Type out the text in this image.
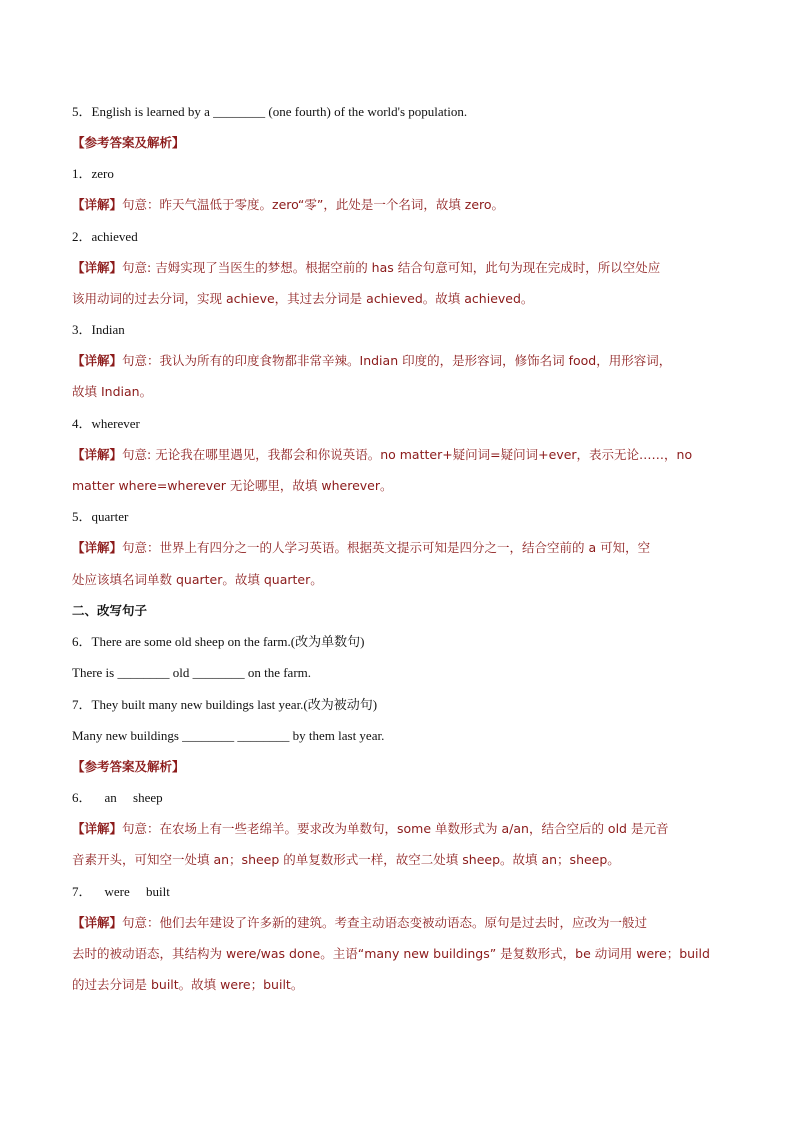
5．English is learned by a ________ (one fourth) of the world's population.
【参考答案及解析】
1．zero
【详解】句意：昨天气温低于零度。zero“零”，此处是一个名词，故填 zero。
2．achieved
【详解】句意: 吉姆实现了当医生的梦想。根据空前的 has 结合句意可知，此句为现在完成时，所以空处应
该用动词的过去分词，实现 achieve，其过去分词是 achieved。故填 achieved。
3．Indian
【详解】句意：我认为所有的印度食物都非常辛辣。Indian 印度的，是形容词，修饰名词 food，用形容词，
故填 Indian。
4．wherever
【详解】句意: 无论我在哪里遇见，我都会和你说英语。no matter+疑问词=疑问词+ever，表示无论……，no
matter where=wherever 无论哪里，故填 wherever。
5．quarter
【详解】句意：世界上有四分之一的人学习英语。根据英文提示可知是四分之一，结合空前的 a 可知，空
处应该填名词单数 quarter。故填 quarter。
二、改写句子
6．There are some old sheep on the farm.(改为单数句)
There is ________ old ________ on the farm.
7．They built many new buildings last year.(改为被动句)
Many new buildings ________ ________ by them last year.
【参考答案及解析】
6．    an     sheep
【详解】句意：在农场上有一些老绵羊。要求改为单数句，some 单数形式为 a/an，结合空后的 old 是元音
音素开头，可知空一处填 an；sheep 的单复数形式一样，故空二处填 sheep。故填 an；sheep。
7．    were     built
【详解】句意：他们去年建设了许多新的建筑。考查主动语态变被动语态。原句是过去时，应改为一般过
去时的被动语态，其结构为 were/was done。主语“many new buildings” 是复数形式，be 动词用 were；build
的过去分词是 built。故填 were；built。
